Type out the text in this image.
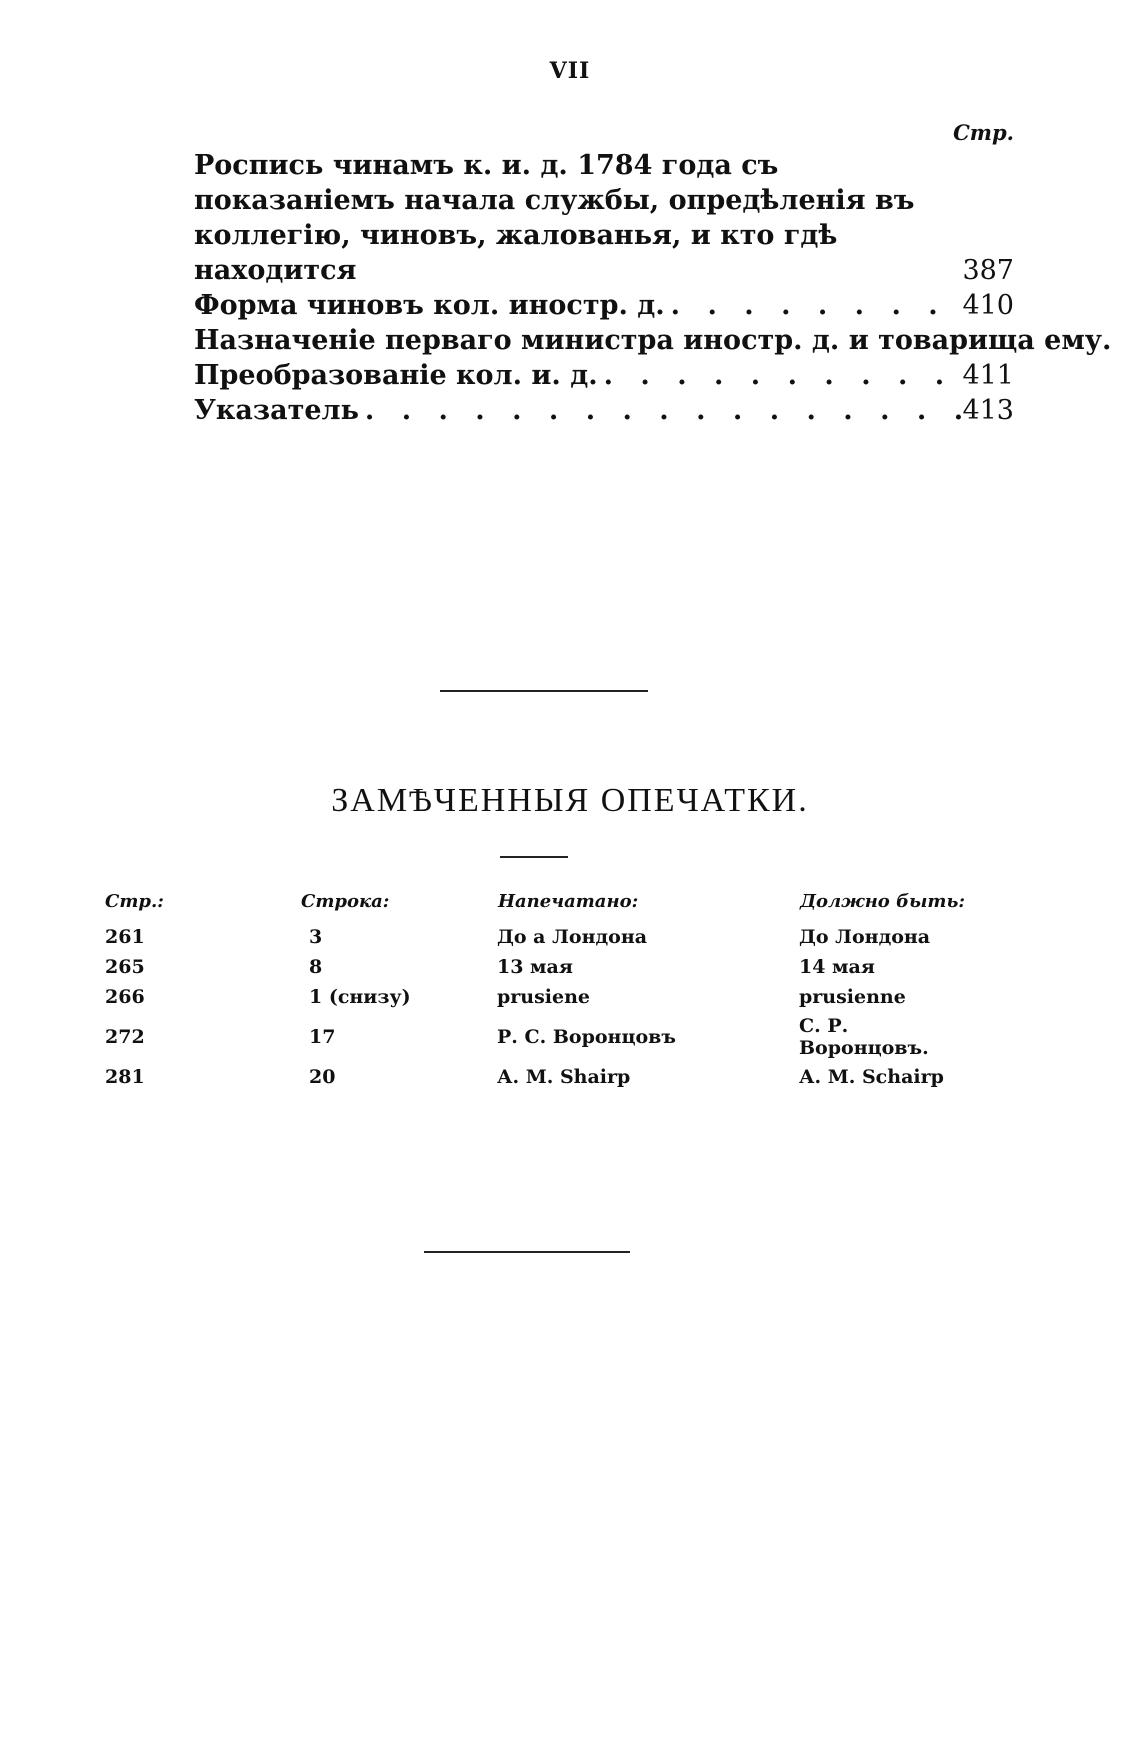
VII
Стр.
Роспись чинамъ к. и. д. 1784 года съ показаніемъ начала службы, опредѣленія въ коллегію, чиновъ, жалованья, и кто гдѣ находится	387
Форма чиновъ кол. иностр. д. . . .	410
Назначеніе перваго министра иностр. д. и товарища ему.
Преобразованіе кол. и. д. . . .	411
Указатель . . .	413
ЗАМѢЧЕННЫЯ ОПЕЧАТКИ.
Стр.:	Строка:	Напечатано:	Должно быть:
261	3	До а Лондона	До Лондона
265	8	13 мая	14 мая
266	1 (снизу)	prusiene	prusienne
272	17	Р. С. Воронцовъ	С. Р. Воронцовъ.
281	20	А. М. Shairp	А. М. Schairp
